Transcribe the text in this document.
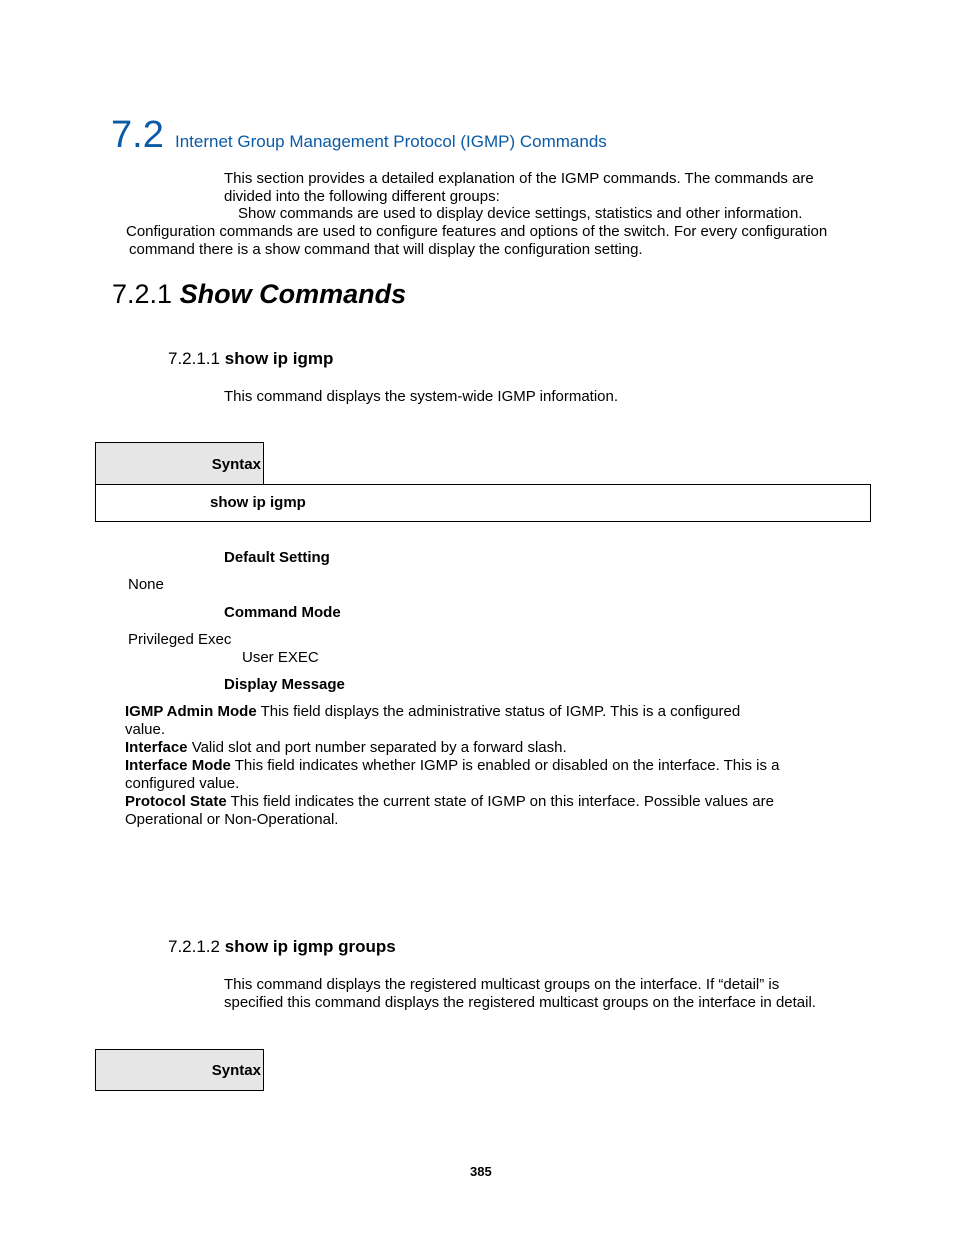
7.2 Internet Group Management Protocol (IGMP) Commands
This section provides a detailed explanation of the IGMP commands. The commands are
divided into the following different groups:
Show commands are used to display device settings, statistics and other information.
Configuration commands are used to configure features and options of the switch. For every configuration
command there is a show command that will display the configuration setting.
7.2.1 Show Commands
7.2.1.1 show ip igmp
This command displays the system-wide IGMP information.
Syntax
show ip igmp
Default Setting
None
Command Mode
Privileged Exec
User EXEC
Display Message
IGMP Admin Mode This field displays the administrative status of IGMP. This is a configured
value.
Interface Valid slot and port number separated by a forward slash.
Interface Mode This field indicates whether IGMP is enabled or disabled on the interface. This is a
configured value.
Protocol State This field indicates the current state of IGMP on this interface. Possible values are
Operational or Non-Operational.
7.2.1.2 show ip igmp groups
This command displays the registered multicast groups on the interface. If “detail” is
specified this command displays the registered multicast groups on the interface in detail.
Syntax
385
